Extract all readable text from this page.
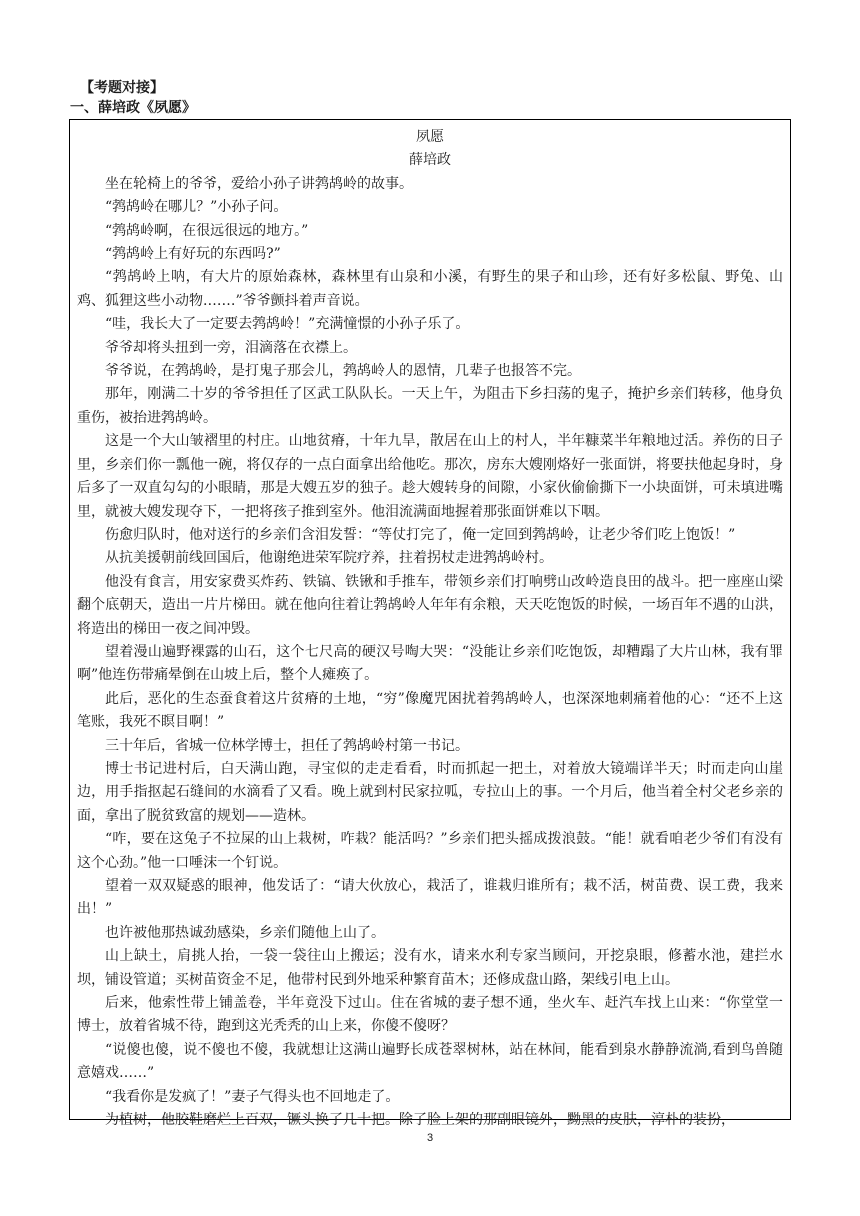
【考题对接】
一、薛培政《夙愿》

夙愿

薛培政

坐在轮椅上的爷爷，爱给小孙子讲鹁鸪岭的故事。

“鹁鸪岭在哪儿？”小孙子问。

“鹁鸪岭啊，在很远很远的地方。”

“鹁鸪岭上有好玩的东西吗?”

“鹁鸪岭上呐，有大片的原始森林，森林里有山泉和小溪，有野生的果子和山珍，还有好多松鼠、野兔、山鸡、狐狸这些小动物.……”爷爷颤抖着声音说。

“哇，我长大了一定要去鹁鸪岭！”充满憧憬的小孙子乐了。

爷爷却将头扭到一旁，泪滴落在衣襟上。

爷爷说，在鹁鸪岭，是打鬼子那会儿，鹁鸪岭人的恩情，几辈子也报答不完。

那年，刚满二十岁的爷爷担任了区武工队队长。一天上午，为阻击下乡扫荡的鬼子，掩护乡亲们转移，他身负重伤，被抬进鹁鸪岭。

这是一个大山皱褶里的村庄。山地贫瘠，十年九旱，散居在山上的村人，半年糠菜半年粮地过活。养伤的日子里，乡亲们你一瓢他一碗，将仅存的一点白面拿出给他吃。那次，房东大嫂刚烙好一张面饼，将要扶他起身时，身后多了一双直勾勾的小眼睛，那是大嫂五岁的独子。趁大嫂转身的间隙，小家伙偷偷撕下一小块面饼，可未填进嘴里，就被大嫂发现夺下，一把将孩子推到室外。他泪流满面地握着那张面饼难以下咽。

伤愈归队时，他对送行的乡亲们含泪发誓：“等仗打完了，俺一定回到鹁鸪岭，让老少爷们吃上饱饭！”

从抗美援朝前线回国后，他谢绝进荣军院疗养，拄着拐杖走进鹁鸪岭村。

他没有食言，用安家费买炸药、铁镐、铁锹和手推车，带领乡亲们打响劈山改岭造良田的战斗。把一座座山梁翻个底朝天，造出一片片梯田。就在他向往着让鹁鸪岭人年年有余粮，天天吃饱饭的时候，一场百年不遇的山洪，将造出的梯田一夜之间冲毁。

望着漫山遍野裸露的山石，这个七尺高的硬汉号啕大哭：“没能让乡亲们吃饱饭，却糟蹋了大片山林，我有罪啊”他连伤带痛晕倒在山坡上后，整个人瘫痪了。

此后，恶化的生态蚕食着这片贫瘠的土地，“穷”像魔咒困扰着鹁鸪岭人，也深深地刺痛着他的心：“还不上这笔账，我死不瞑目啊！”

三十年后，省城一位林学博士，担任了鹁鸪岭村第一书记。

博士书记进村后，白天满山跑，寻宝似的走走看看，时而抓起一把土，对着放大镜端详半天；时而走向山崖边，用手指抠起石缝间的水滴看了又看。晚上就到村民家拉呱，专拉山上的事。一个月后，他当着全村父老乡亲的面，拿出了脱贫致富的规划——造林。

“咋，要在这兔子不拉屎的山上栽树，咋栽？能活吗？”乡亲们把头摇成拨浪鼓。“能！就看咱老少爷们有没有这个心劲。”他一口唾沫一个钉说。

望着一双双疑惑的眼神，他发话了：“请大伙放心，栽活了，谁栽归谁所有；栽不活，树苗费、误工费，我来出！”

也许被他那热诚劲感染，乡亲们随他上山了。

山上缺土，肩挑人抬，一袋一袋往山上搬运；没有水，请来水利专家当顾问，开挖泉眼，修蓄水池，建拦水坝，铺设管道；买树苗资金不足，他带村民到外地采种繁育苗木；还修成盘山路，架线引电上山。

后来，他索性带上铺盖卷，半年竟没下过山。住在省城的妻子想不通，坐火车、赶汽车找上山来：“你堂堂一博士，放着省城不待，跑到这光秃秃的山上来，你傻不傻呀？

“说傻也傻，说不傻也不傻，我就想让这满山遍野长成苍翠树林，站在林间，能看到泉水静静流淌,看到鸟兽随意嬉戏……”

“我看你是发疯了！”妻子气得头也不回地走了。

为植树，他胶鞋磨烂上百双，镢头换了几十把。除了脸上架的那副眼镜外，黝黑的皮肤，淳朴的装扮，

3
